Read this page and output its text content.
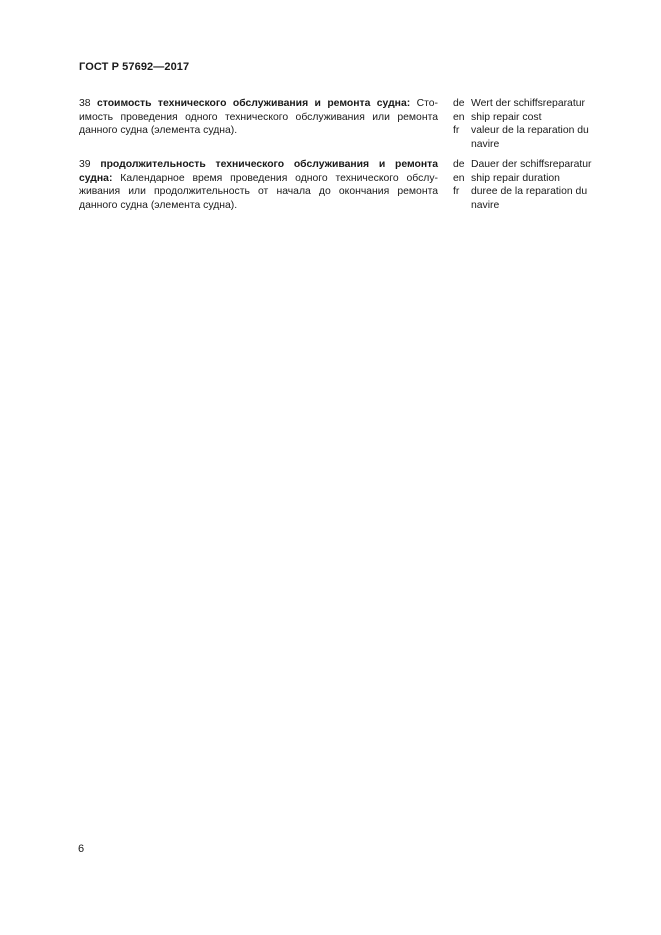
ГОСТ Р 57692—2017
38 стоимость технического обслуживания и ремонта судна: Стоимость проведения одного технического обслуживания или ремонта данного судна (элемента судна).
de Wert der schiffsreparatur
en ship repair cost
fr	valeur de la reparation du navire
39 продолжительность технического обслуживания и ремонта судна: Календарное время проведения одного технического обслуживания или продолжительность от начала до окончания ремонта данного судна (элемента судна).
de Dauer der schiffsreparatur
en ship repair duration
fr	duree de la reparation du navire
6
